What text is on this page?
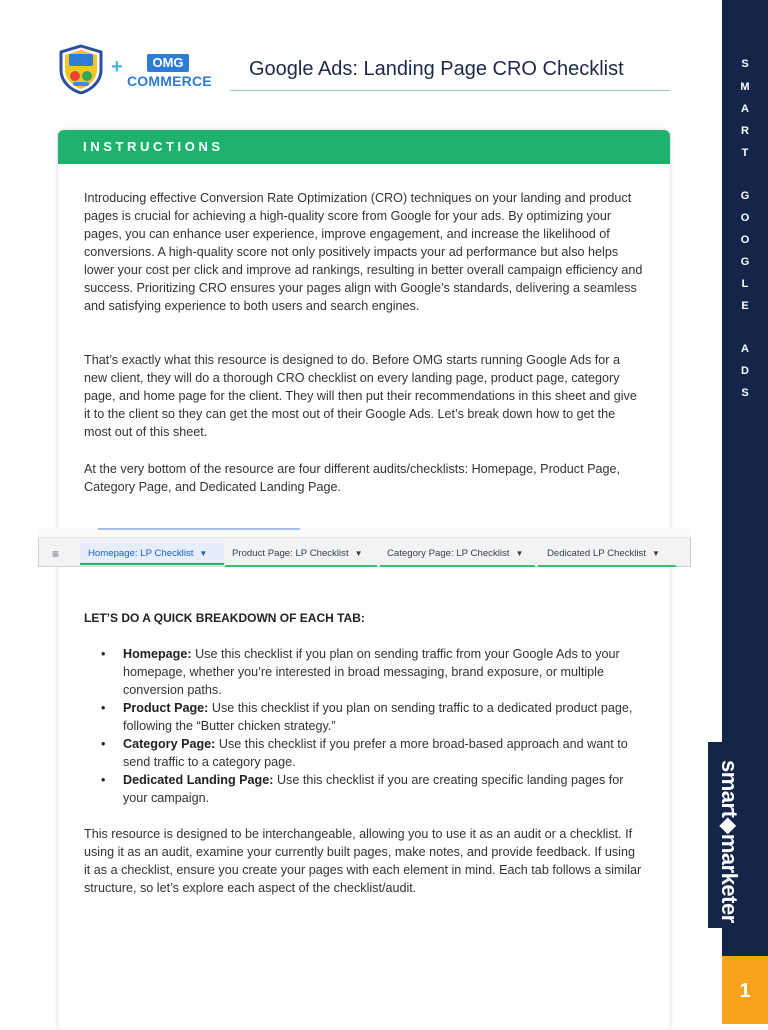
+	OMG
COMMERCE
Google Ads: Landing Page CRO Checklist	S
M
A
R
T
G
O
O
G
L
E
A
D
S
smart◆marketer
1
INSTRUCTIONS
Introducing effective Conversion Rate Optimization (CRO) techniques on your landing and product pages is crucial for achieving a high-quality score from Google for your ads. By optimizing your pages, you can enhance user experience, improve engagement, and increase the likelihood of conversions. A high-quality score not only positively impacts your ad performance but also helps lower your cost per click and improve ad rankings, resulting in better overall campaign efficiency and success. Prioritizing CRO ensures your pages align with Google’s standards, delivering a seamless and satisfying experience to both users and search engines.
That’s exactly what this resource is designed to do. Before OMG starts running Google Ads for a new client, they will do a thorough CRO checklist on every landing page, product page, category page, and home page for the client. They will then put their recommendations in this sheet and give it to the client so they can get the most out of their Google Ads. Let’s break down how to get the most out of this sheet.
At the very bottom of the resource are four different audits/checklists: Homepage, Product Page, Category Page, and Dedicated Landing Page.
≡	Homepage: LP Checklist ▼	Product Page: LP Checklist ▼	Category Page: LP Checklist ▼ Dedicated LP Checklist ▼
LET’S DO A QUICK BREAKDOWN OF EACH TAB:
• Homepage: Use this checklist if you plan on sending traffic from your Google Ads to your homepage, whether you’re interested in broad messaging, brand exposure, or multiple conversion paths.
• Product Page: Use this checklist if you plan on sending traffic to a dedicated product page, following the “Butter chicken strategy.”
• Category Page: Use this checklist if you prefer a more broad-based approach and want to send traffic to a category page.
• Dedicated Landing Page: Use this checklist if you are creating specific landing pages for your campaign.
This resource is designed to be interchangeable, allowing you to use it as an audit or a checklist. If using it as an audit, examine your currently built pages, make notes, and provide feedback. If using it as a checklist, ensure you create your pages with each element in mind. Each tab follows a similar structure, so let’s explore each aspect of the checklist/audit.
